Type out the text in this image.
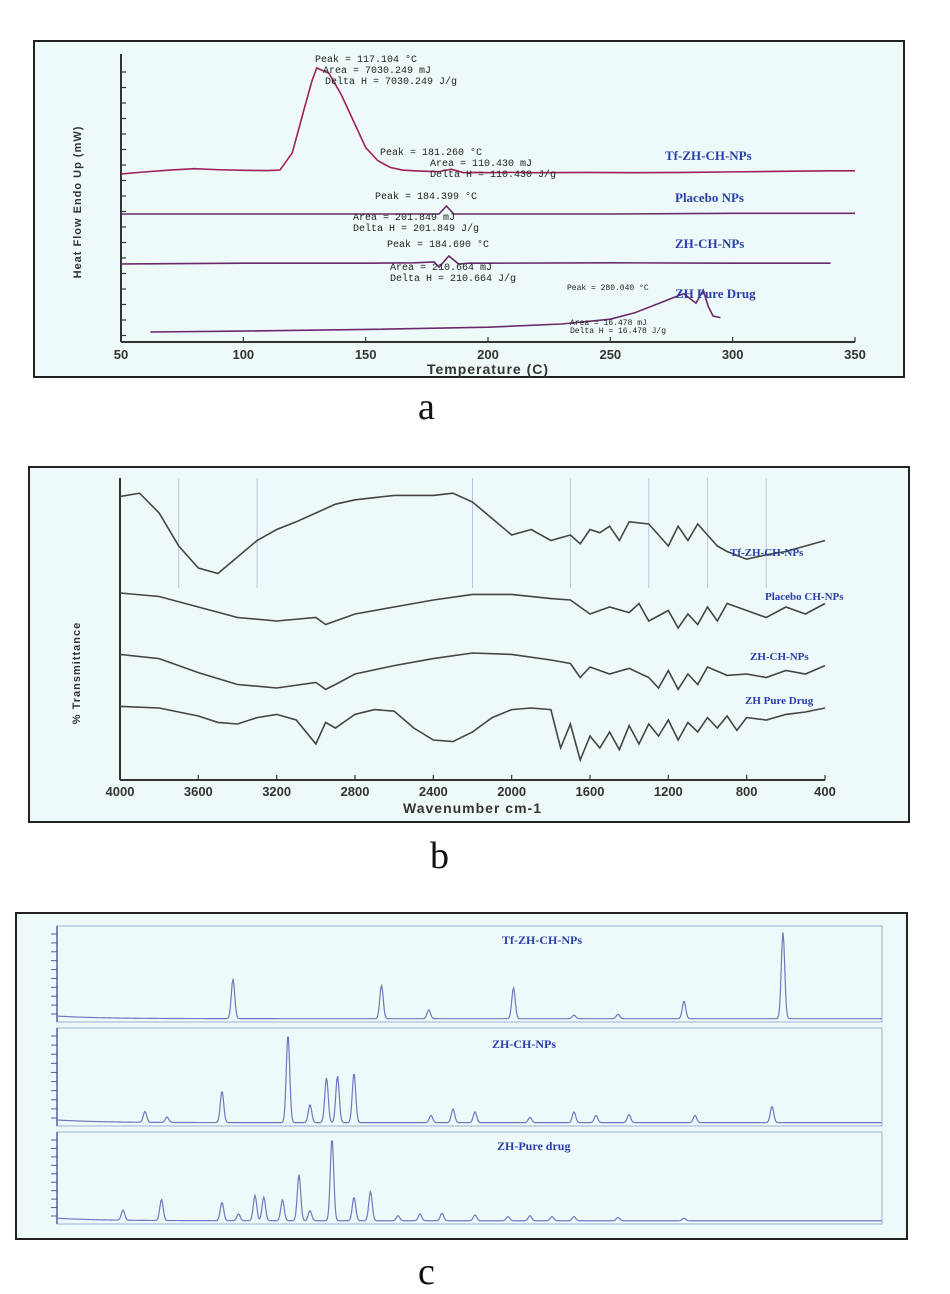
50	100	150	200	250	300	350
Temperature (C)
Heat Flow Endo Up (mW)	Tf-ZH-CH-NPs
Placebo NPs
ZH-CH-NPs
ZH Pure Drug
Peak = 117.104 °C
Area = 7030.249 mJ
Delta H = 7030.249 J/g
Peak = 181.260 °C
Area = 110.430 mJ
Delta H = 110.430 J/g
Peak = 184.399 °C
Area = 201.849 mJ
Delta H = 201.849 J/g
Peak = 184.690 °C
Area = 210.664 mJ
Delta H = 210.664 J/g
Peak = 280.040 °C
Area = 16.478 mJ
Delta H = 16.478 J/g
a
4000	3600	3200	2800	2400	2000	1600	1200	800	400
Wavenumber cm-1
% Transmittance
Tf-ZH-CH-NPs
Placebo CH-NPs
ZH-CH-NPs
ZH Pure Drug
b
Tf-ZH-CH-NPs
ZH-CH-NPs
ZH-Pure drug
c
